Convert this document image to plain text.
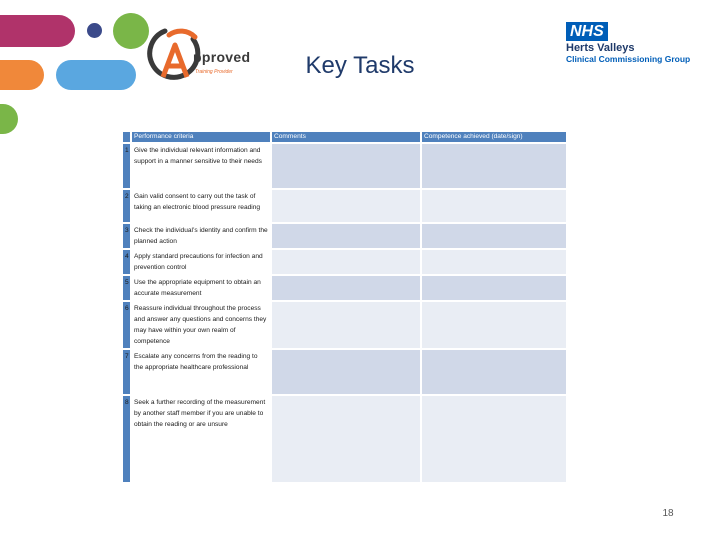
pproved
Training Provider	Key Tasks
NHS
Herts Valleys
Clinical Commissioning Group
	Performance criteria	Comments	Competence achieved (date/sign)
1	Give the individual relevant information and support in a manner sensitive to their needs		
2	Gain valid consent to carry out the task of taking an electronic blood pressure reading		
3	Check the individual’s identity and confirm the planned action		
4	Apply standard precautions for infection and prevention control		
5	Use the appropriate equipment to obtain an accurate measurement		
6	Reassure individual throughout the process and answer any questions and concerns they may have within your own realm of competence		
7	Escalate any concerns from the reading to the appropriate healthcare professional		
8	Seek a further recording of the measurement by another staff member if you are unable to obtain the reading or are unsure		
18
